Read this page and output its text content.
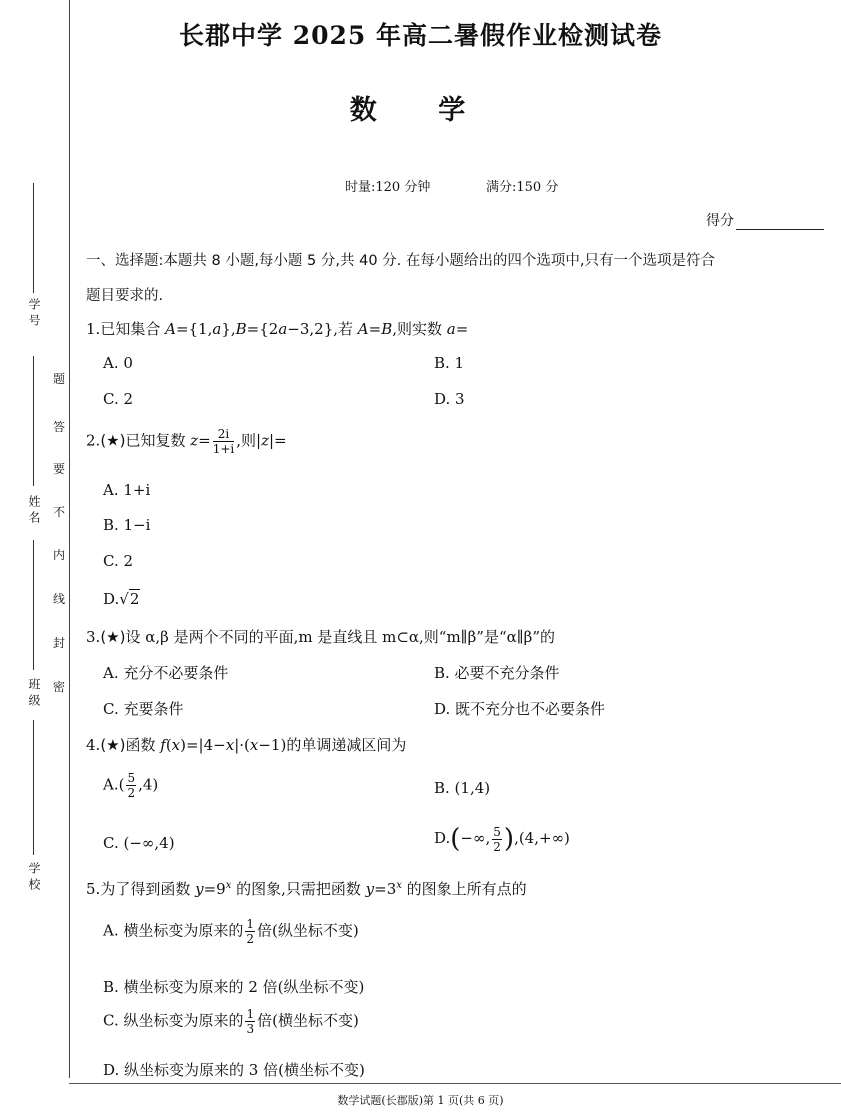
学 号
姓 名
班 级
学 校
题
答
要
不
内
线
封
密
长郡中学 2025 年高二暑假作业检测试卷
数 学
时量:120 分钟	满分:150 分
得分
一、选择题:本题共 8 小题,每小题 5 分,共 40 分. 在每小题给出的四个选项中,只有一个选项是符合
题目要求的.
1.已知集合 A={1,a},B={2a−3,2},若 A=B,则实数 a=
A. 0	B. 1
C. 2	D. 3
2.(★)已知复数 $z= \frac{2i}{1+i}$ ,则|z|=
A. 1+i
B. 1−i
C. 2
D.√2
3.(★)设 α,β 是两个不同的平面,m 是直线且 m⊂α,则“m∥β”是“α∥β”的
A. 充分不必要条件	B. 必要不充分条件
C. 充要条件	D. 既不充分也不必要条件
4.(★)函数 f(x)=|4−x|·(x−1)的单调递减区间为
$A.( \frac{5}{2} ,4)$	B. (1,4)
C. (−∞,4)	D.(−∞, $\frac{5}{2} ),(4,+\infty)$
5.为了得到函数 $y=9^x$ 的图象,只需把函数 $y=3^x$ 的图象上所有点的
A. 横坐标变为原来的 $\frac{1}{2}$ 倍(纵坐标不变)
B. 横坐标变为原来的 2 倍(纵坐标不变)
C. 纵坐标变为原来的 $\frac{1}{3}$ 倍(横坐标不变)
D. 纵坐标变为原来的 3 倍(横坐标不变)
数学试题(长郡版)第 1 页(共 6 页)
